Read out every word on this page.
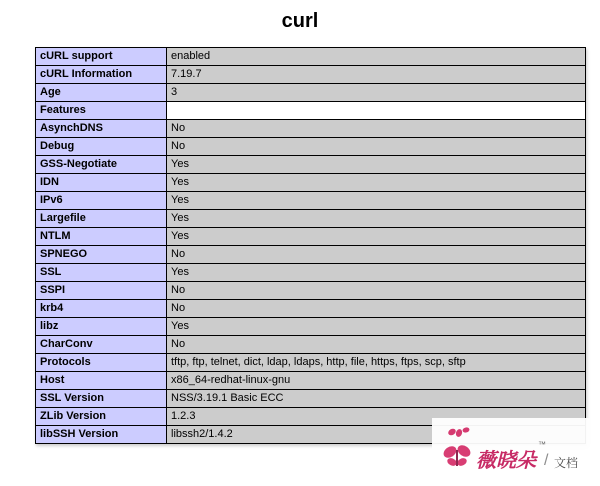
curl
cURL support	enabled
cURL Information	7.19.7
Age	3
Features	
AsynchDNS	No
Debug	No
GSS-Negotiate	Yes
IDN	Yes
IPv6	Yes
Largefile	Yes
NTLM	Yes
SPNEGO	No
SSL	Yes
SSPI	No
krb4	No
libz	Yes
CharConv	No
Protocols	tftp, ftp, telnet, dict, ldap, ldaps, http, file, https, ftps, scp, sftp
Host	x86_64-redhat-linux-gnu
SSL Version	NSS/3.19.1 Basic ECC
ZLib Version	1.2.3
libSSH Version	libssh2/1.4.2
薇晓朵
™
/ 文档
